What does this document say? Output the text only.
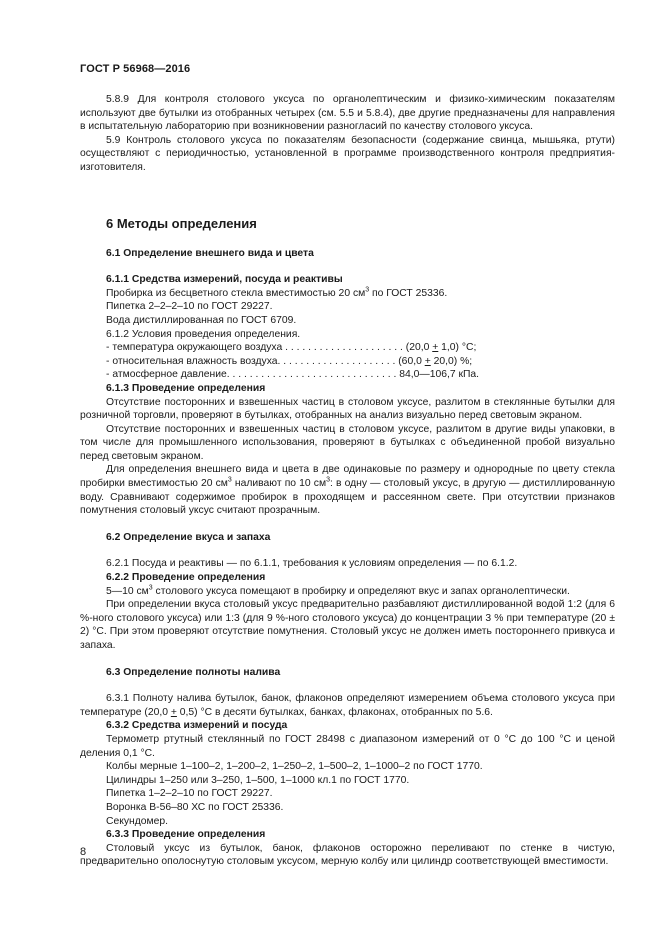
ГОСТ Р 56968—2016

5.8.9 Для контроля столового уксуса по органолептическим и физико-химическим показателям используют две бутылки из отобранных четырех (см. 5.5 и 5.8.4), две другие предназначены для направления в испытательную лабораторию при возникновении разногласий по качеству столового уксуса.

5.9 Контроль столового уксуса по показателям безопасности (содержание свинца, мышьяка, ртути) осуществляют с периодичностью, установленной в программе производственного контроля предприятия-изготовителя.

6 Методы определения

6.1 Определение внешнего вида и цвета

6.1.1 Средства измерений, посуда и реактивы

Пробирка из бесцветного стекла вместимостью 20 $см^3$ по ГОСТ 25336.

Пипетка 2–2–2–10 по ГОСТ 29227.

Вода дистиллированная по ГОСТ 6709.

6.1.2 Условия проведения определения.

- температура окружающего воздуха . . . . . . . . . . . . . . . . . . . . . (20,0 + 1,0) °С;

- относительная влажность воздуха. . . . . . . . . . . . . . . . . . . . . (60,0 + 20,0) %;

- атмосферное давление. . . . . . . . . . . . . . . . . . . . . . . . . . . . . . 84,0—106,7 кПа.

6.1.3 Проведение определения

Отсутствие посторонних и взвешенных частиц в столовом уксусе, разлитом в стеклянные бутылки для розничной торговли, проверяют в бутылках, отобранных на анализ визуально перед световым экраном.

Отсутствие посторонних и взвешенных частиц в столовом уксусе, разлитом в другие виды упаковки, в том числе для промышленного использования, проверяют в бутылках с объединенной пробой визуально перед световым экраном.

Для определения внешнего вида и цвета в две одинаковые по размеру и однородные по цвету стекла пробирки вместимостью 20 $см^3$ наливают по 10 $см^3$: в одну — столовый уксус, в другую — дистиллированную воду. Сравнивают содержимое пробирок в проходящем и рассеянном свете. При отсутствии признаков помутнения столовый уксус считают прозрачным.

6.2 Определение вкуса и запаха

6.2.1 Посуда и реактивы — по 6.1.1, требования к условиям определения — по 6.1.2.

6.2.2 Проведение определения

5—10 $см^3$ столового уксуса помещают в пробирку и определяют вкус и запах органолептически.

При определении вкуса столовый уксус предварительно разбавляют дистиллированной водой 1:2 (для 6 %-ного столового уксуса) или 1:3 (для 9 %-ного столового уксуса) до концентрации 3 % при температуре (20 ± 2) °С. При этом проверяют отсутствие помутнения. Столовый уксус не должен иметь постороннего привкуса и запаха.

6.3 Определение полноты налива

6.3.1 Полноту налива бутылок, банок, флаконов определяют измерением объема столового уксуса при температуре (20,0 + 0,5) °С в десяти бутылках, банках, флаконах, отобранных по 5.6.

6.3.2 Средства измерений и посуда

Термометр ртутный стеклянный по ГОСТ 28498 с диапазоном измерений от 0 °С до 100 °С и ценой деления 0,1 °С.

Колбы мерные 1–100–2, 1–200–2, 1–250–2, 1–500–2, 1–1000–2 по ГОСТ 1770.

Цилиндры 1–250 или 3–250, 1–500, 1–1000 кл.1 по ГОСТ 1770.

Пипетка 1–2–2–10 по ГОСТ 29227.

Воронка В-56–80 ХС по ГОСТ 25336.

Секундомер.

6.3.3 Проведение определения

Столовый уксус из бутылок, банок, флаконов осторожно переливают по стенке в чистую, предварительно ополоснутую столовым уксусом, мерную колбу или цилиндр соответствующей вместимости.

8
